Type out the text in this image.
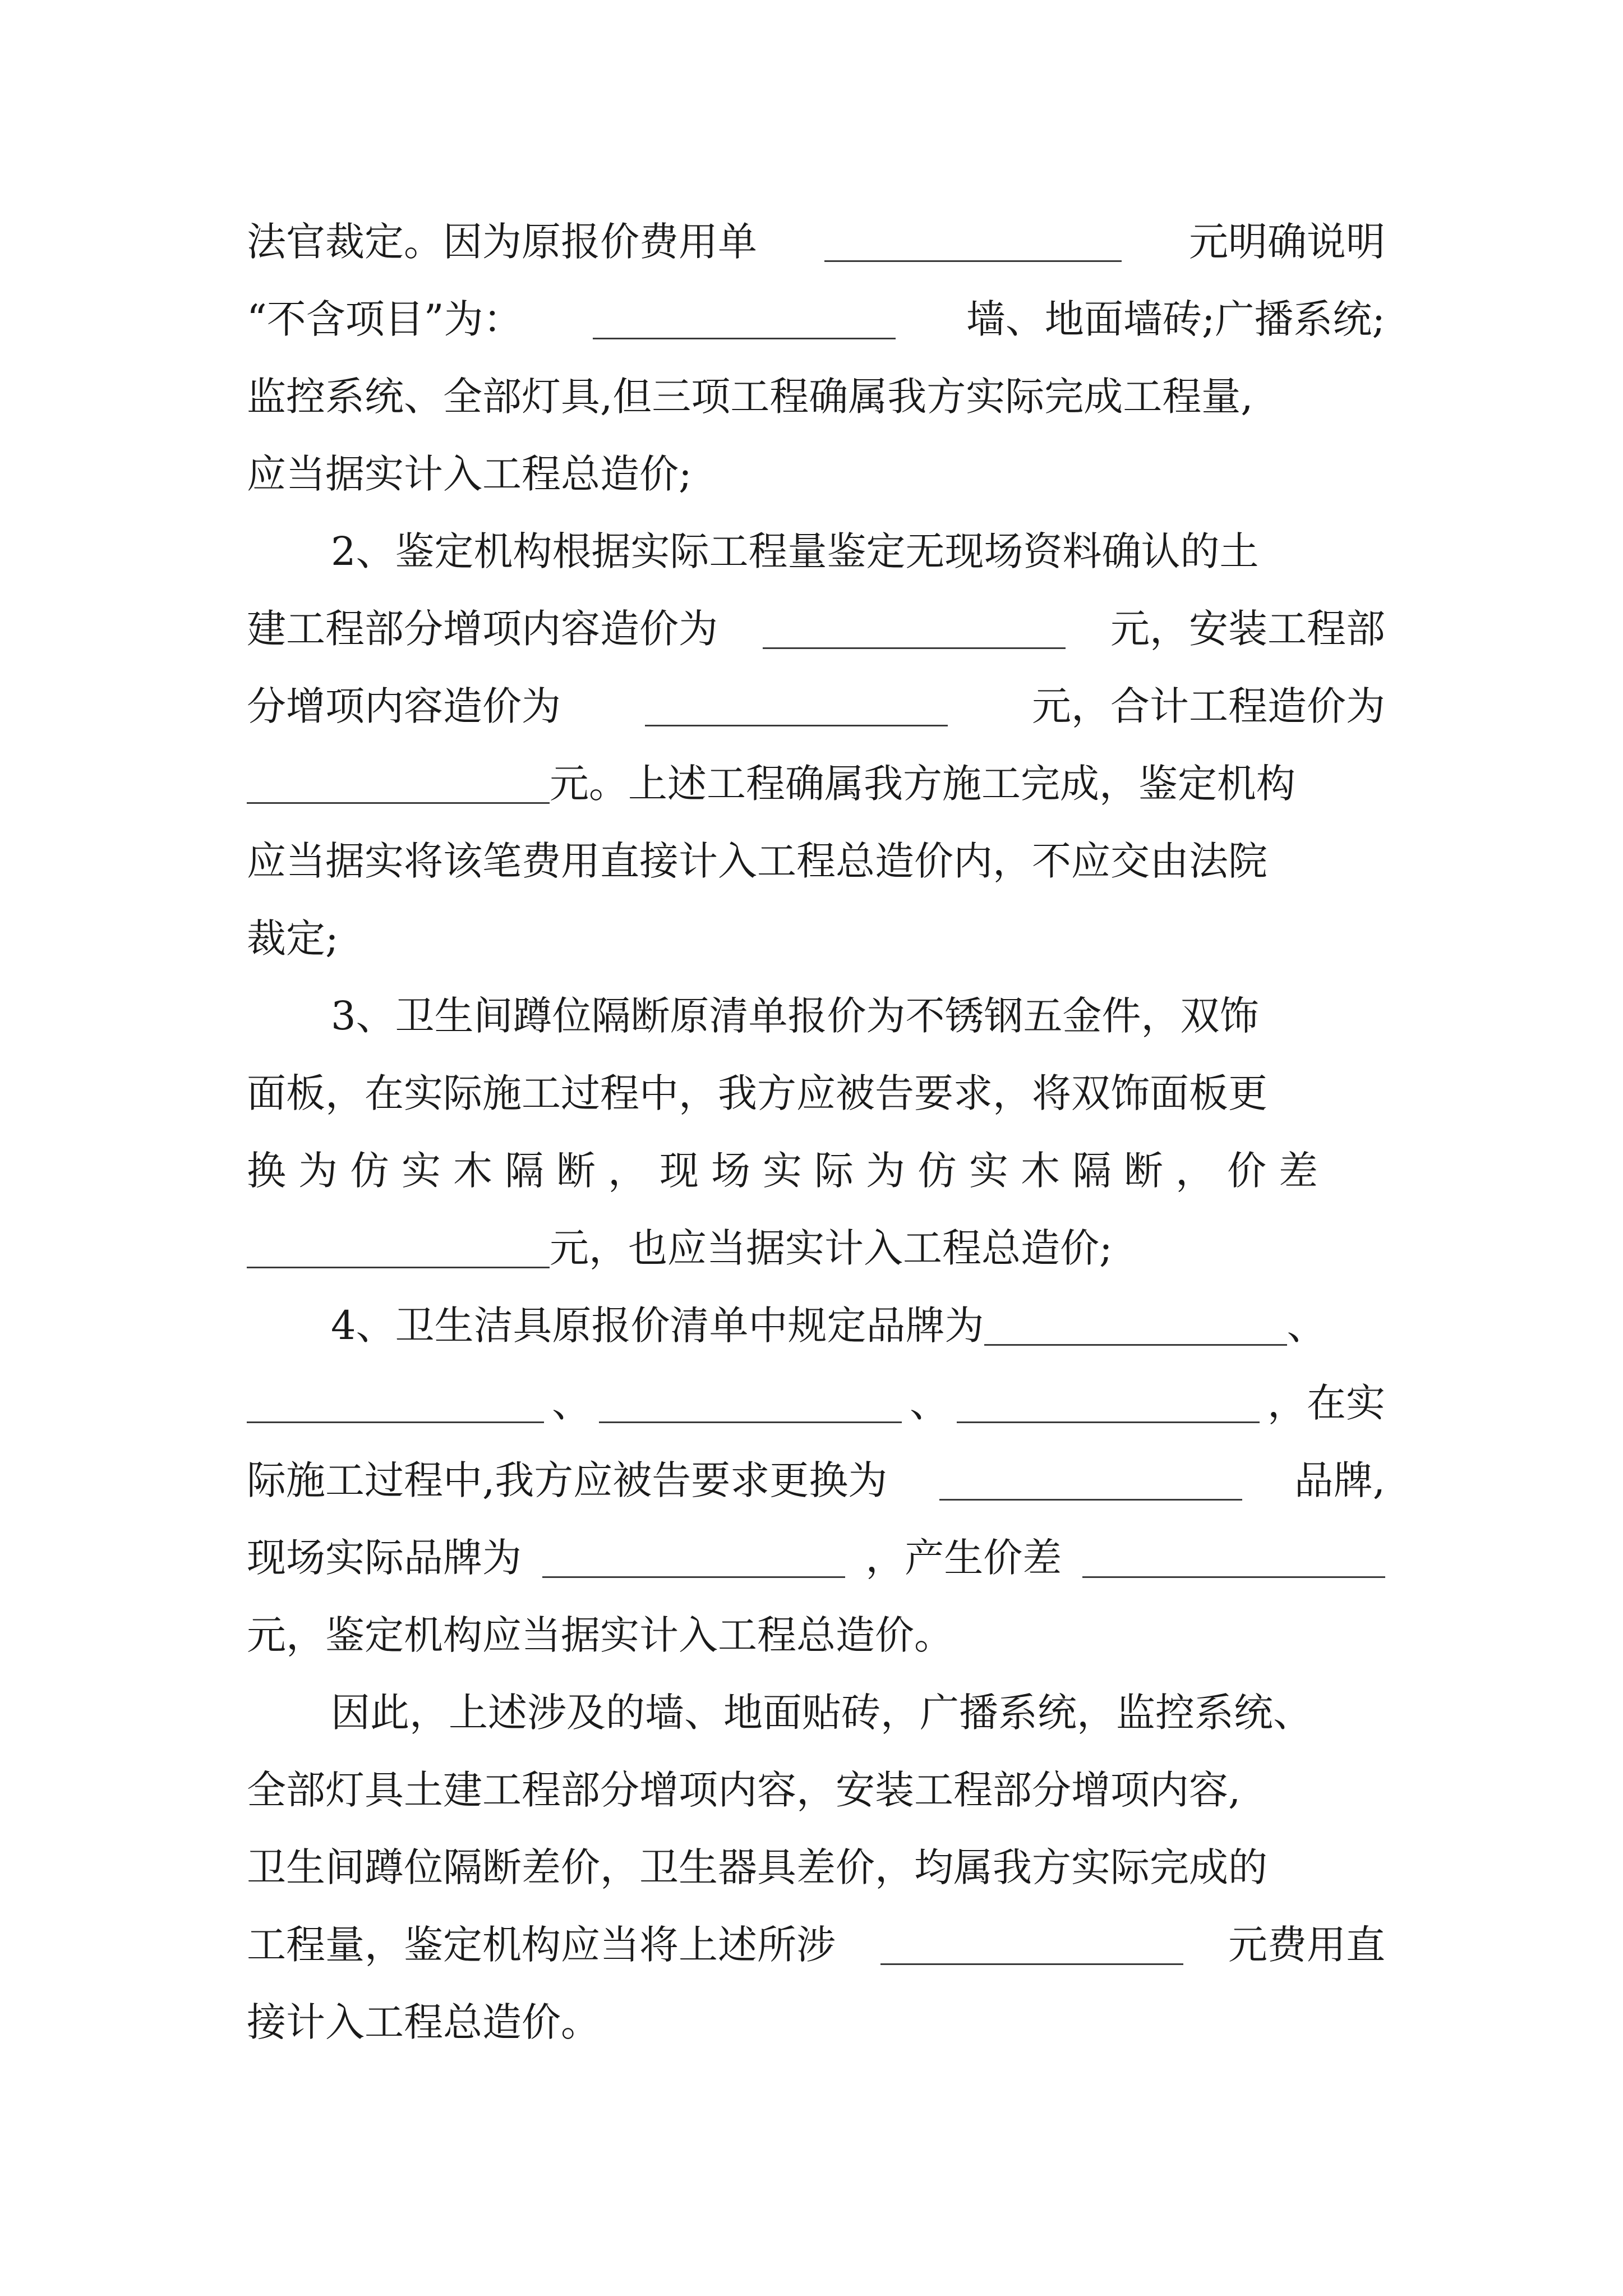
法官裁定。因为原报价费用单	元明确说明
“不含项目”为：	墙、地面墙砖;广播系统;
监控系统、全部灯具,但三项工程确属我方实际完成工程量,
应当据实计入工程总造价;
2、鉴定机构根据实际工程量鉴定无现场资料确认的土
建工程部分增项内容造价为	元，安装工程部
分增项内容造价为	元，合计工程造价为
元。上述工程确属我方施工完成，鉴定机构
应当据实将该笔费用直接计入工程总造价内，不应交由法院
裁定;
3、卫生间蹲位隔断原清单报价为不锈钢五金件，双饰
面板，在实际施工过程中，我方应被告要求，将双饰面板更
换为仿实木隔断，现场实际为仿实木隔断，价差
元，也应当据实计入工程总造价;
4、卫生洁具原报价清单中规定品牌为	、
、	、	，在实
际施工过程中,我方应被告要求更换为	品牌,
现场实际品牌为	，产生价差
元，鉴定机构应当据实计入工程总造价。
因此，上述涉及的墙、地面贴砖，广播系统，监控系统、
全部灯具土建工程部分增项内容，安装工程部分增项内容,
卫生间蹲位隔断差价，卫生器具差价，均属我方实际完成的
工程量，鉴定机构应当将上述所涉	元费用直
接计入工程总造价。
